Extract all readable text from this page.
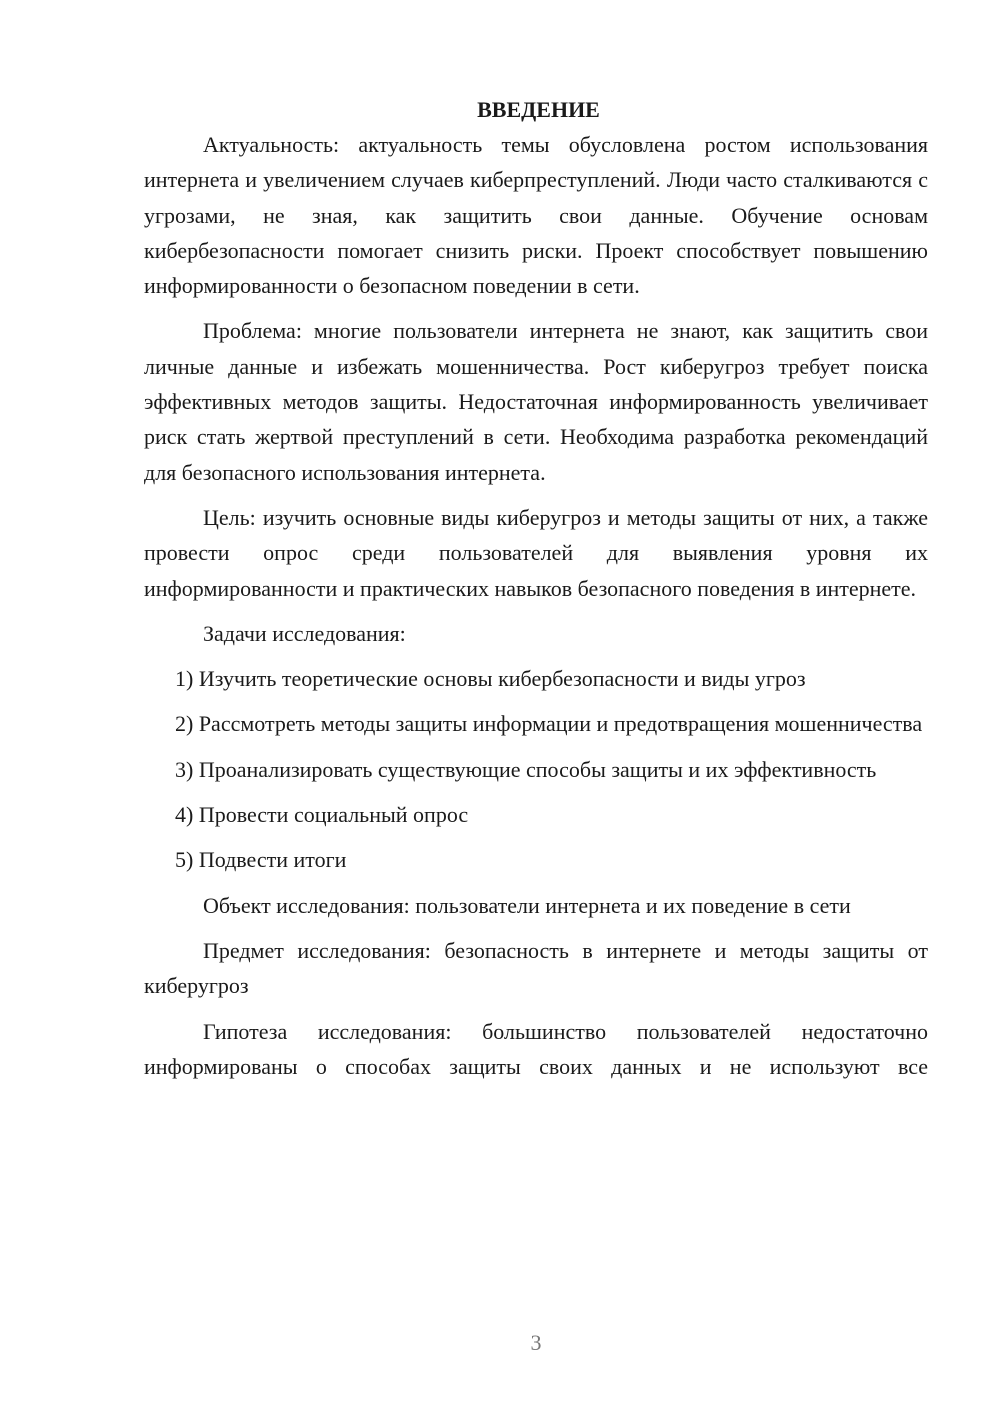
ВВЕДЕНИЕ

Актуальность: актуальность темы обусловлена ростом использования интернета и увеличением случаев киберпреступлений. Люди часто сталкиваются с угрозами, не зная, как защитить свои данные. Обучение основам кибербезопасности помогает снизить риски. Проект способствует повышению информированности о безопасном поведении в сети.

Проблема: многие пользователи интернета не знают, как защитить свои личные данные и избежать мошенничества. Рост киберугроз требует поиска эффективных методов защиты. Недостаточная информированность увеличивает риск стать жертвой преступлений в сети. Необходима разработка рекомендаций для безопасного использования интернета.

Цель: изучить основные виды киберугроз и методы защиты от них, а также провести опрос среди пользователей для выявления уровня их информированности и практических навыков безопасного поведения в интернете.

Задачи исследования:

1) Изучить теоретические основы кибербезопасности и виды угроз

2) Рассмотреть методы защиты информации и предотвращения мошенничества

3) Проанализировать существующие способы защиты и их эффективность

4) Провести социальный опрос

5) Подвести итоги

Объект исследования: пользователи интернета и их поведение в сети

Предмет исследования: безопасность в интернете и методы защиты от киберугроз

Гипотеза исследования: большинство пользователей недостаточно информированы о способах защиты своих данных и не используют все

3
